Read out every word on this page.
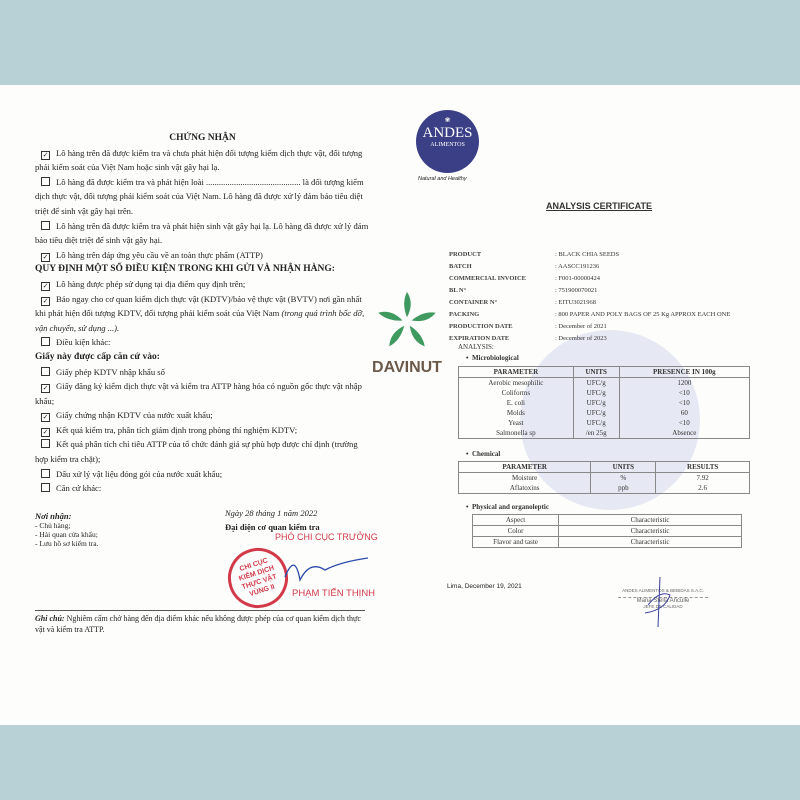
CHỨNG NHẬN

✓ Lô hàng trên đã được kiểm tra và chưa phát hiện đối tượng kiểm dịch thực vật, đối tượng phải kiểm soát của Việt Nam hoặc sinh vật gây hại lạ.

Lô hàng đã được kiểm tra và phát hiện loài ............................................ là đối tượng kiểm dịch thực vật, đối tượng phải kiểm soát của Việt Nam. Lô hàng đã được xử lý đảm bảo tiêu diệt triệt để sinh vật gây hại trên.

Lô hàng trên đã được kiểm tra và phát hiện sinh vật gây hại lạ. Lô hàng đã được xử lý đảm bảo tiêu diệt triệt để sinh vật gây hại.

✓ Lô hàng trên đáp ứng yêu cầu về an toàn thực phẩm (ATTP)

QUY ĐỊNH MỘT SỐ ĐIỀU KIỆN TRONG KHI GỬI VÀ NHẬN HÀNG:

✓ Lô hàng được phép sử dụng tại địa điểm quy định trên;

✓ Báo ngay cho cơ quan kiểm dịch thực vật (KDTV)/bảo vệ thực vật (BVTV) nơi gần nhất khi phát hiện đối tượng KDTV, đối tượng phải kiểm soát của Việt Nam (trong quá trình bốc dỡ, vận chuyển, sử dụng ...).

Điều kiện khác:

Giấy này được cấp căn cứ vào:

Giấy phép KDTV nhập khẩu số

✓ Giấy đăng ký kiểm dịch thực vật và kiểm tra ATTP hàng hóa có nguồn gốc thực vật nhập khẩu;

✓ Giấy chứng nhận KDTV của nước xuất khẩu;

✓ Kết quả kiểm tra, phân tích giám định trong phòng thí nghiệm KDTV;

Kết quả phân tích chỉ tiêu ATTP của tổ chức đánh giá sự phù hợp được chỉ định (trường hợp kiểm tra chặt);

Dấu xử lý vật liệu đóng gói của nước xuất khẩu;

Căn cứ khác:

Nơi nhận:
- Chủ hàng;
- Hải quan cửa khẩu;
- Lưu hồ sơ kiểm tra.
Ngày 28 tháng 1 năm 2022
Đại diện cơ quan kiểm tra
PHÓ CHI CỤC TRƯỞNG
CHI CỤC KIỂM DỊCH THỰC VẬT VÙNG II	PHẠM TIẾN THỊNH
Ghi chú: Nghiêm cấm chở hàng đến địa điểm khác nếu không được phép của cơ quan kiểm dịch thực vật và kiểm tra ATTP.
DAVINUT
❀
ANDES
ALIMENTOS
Natural and Healthy
ANALYSIS CERTIFICATE
PRODUCT	: BLACK CHIA SEEDS
BATCH	: AASCC191236
COMMERCIAL INVOICE	: F001-00000424
BL N°	: 751900070021
CONTAINER N°	: EITU3021968
PACKING	: 800 PAPER AND POLY BAGS OF 25 Kg APPROX EACH ONE
PRODUCTION DATE	: December of 2021
EXPIRATION DATE	: December of 2023
ANALYSIS:
•  Microbiological
PARAMETER	UNITS	PRESENCE IN 100g
Aerobic mesophilic	UFC/g	1200
Coliforms	UFC/g	<10
E. coli	UFC/g	<10
Molds	UFC/g	60
Yeast	UFC/g	<10
Salmonella sp	/en 25g	Absence
•  Chemical
PARAMETER	UNITS	RESULTS
Moisture	%	7.92
Aflatoxins	ppb	2.6
•  Physical and organoleptic
Aspect	Characteristic
Color	Characteristic
Flavor and taste	Characteristic
Lima, December 19, 2021
ANDES ALIMENTOS & BEBIDAS S.A.C.
Maria Stella Anculle
JEFE DE CALIDAD
